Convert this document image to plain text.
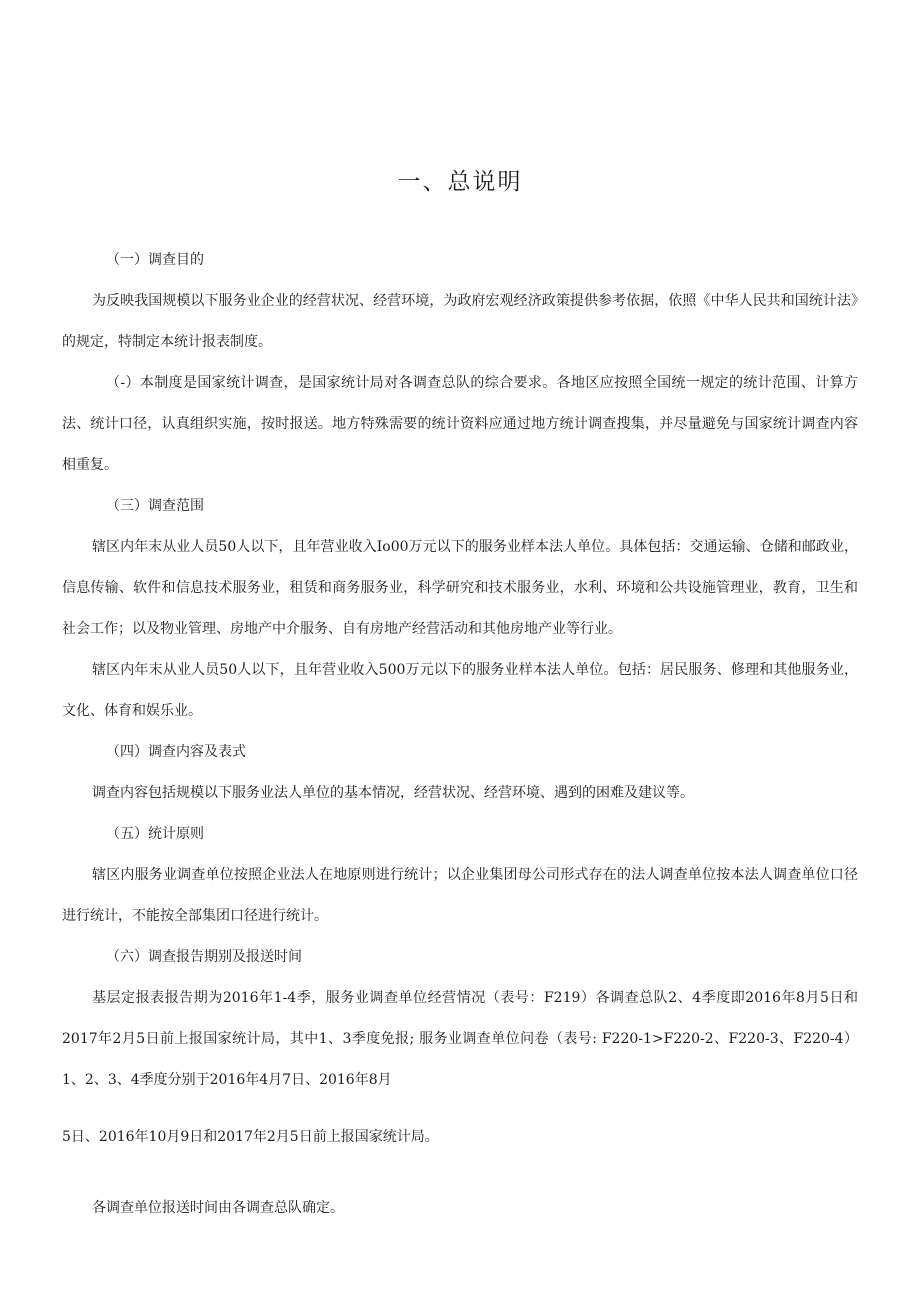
一、总说明

（一）调查目的

为反映我国规模以下服务业企业的经营状况、经营环境，为政府宏观经济政策提供参考依据，依照《中华人民共和国统计法》的规定，特制定本统计报表制度。

（-）本制度是国家统计调查，是国家统计局对各调查总队的综合要求。各地区应按照全国统一规定的统计范围、计算方法、统计口径，认真组织实施，按时报送。地方特殊需要的统计资料应通过地方统计调查搜集，并尽量避免与国家统计调查内容相重复。

（三）调查范围

辖区内年末从业人员50人以下，且年营业收入Io00万元以下的服务业样本法人单位。具体包括：交通运输、仓储和邮政业，信息传输、软件和信息技术服务业，租赁和商务服务业，科学研究和技术服务业，水利、环境和公共设施管理业，教育，卫生和社会工作；以及物业管理、房地产中介服务、自有房地产经营活动和其他房地产业等行业。

辖区内年末从业人员50人以下，且年营业收入500万元以下的服务业样本法人单位。包括：居民服务、修理和其他服务业，文化、体育和娱乐业。

（四）调查内容及表式

调查内容包括规模以下服务业法人单位的基本情况，经营状况、经营环境、遇到的困难及建议等。

（五）统计原则

辖区内服务业调查单位按照企业法人在地原则进行统计；以企业集团母公司形式存在的法人调查单位按本法人调查单位口径进行统计，不能按全部集团口径进行统计。

（六）调查报告期别及报送时间

基层定报表报告期为2016年1-4季，服务业调查单位经营情况（表号：F219）各调查总队2、4季度即2016年8月5日和2017年2月5日前上报国家统计局，其中1、3季度免报; 服务业调查单位问卷（表号: F220-1>F220-2、F220-3、F220-4）1、2、3、4季度分别于2016年4月7日、2016年8月

5日、2016年10月9日和2017年2月5日前上报国家统计局。

各调查单位报送时间由各调查总队确定。
